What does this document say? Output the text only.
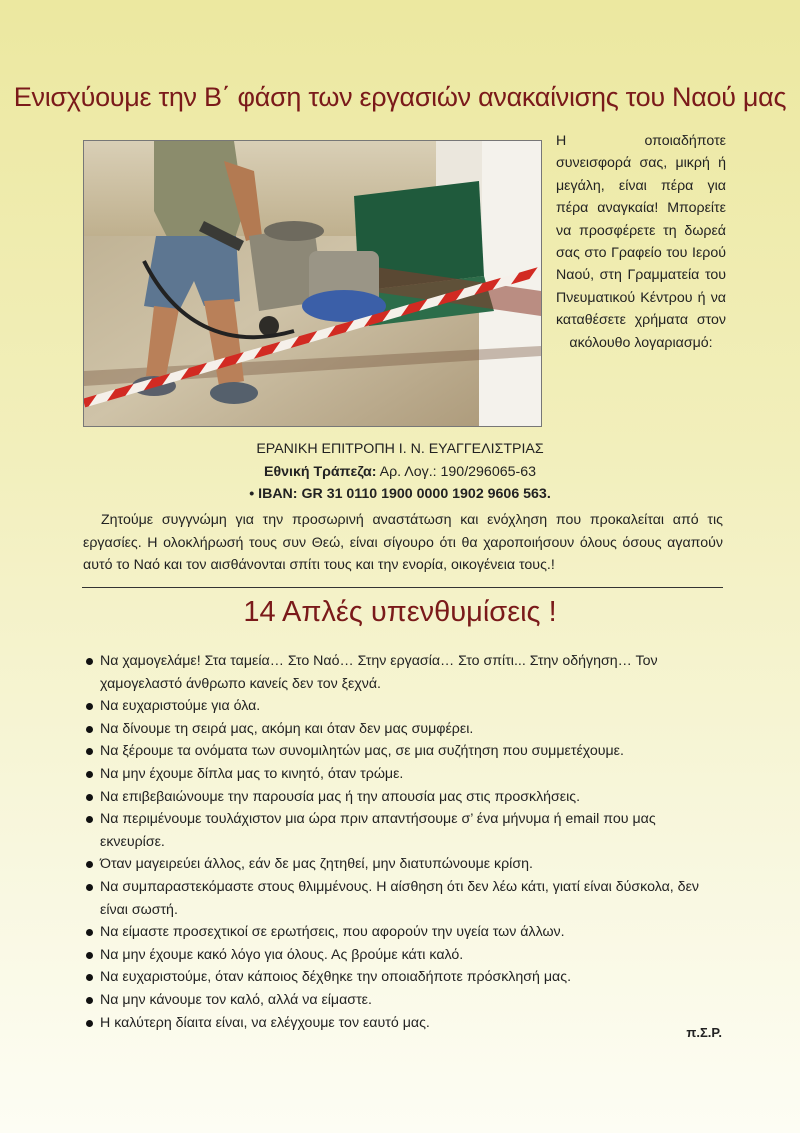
Ενισχύουμε την Β΄ φάση των εργασιών ανακαίνισης του Ναού μας
Η οποιαδήποτε συνεισφορά σας, μικρή ή μεγάλη, είναι πέρα για πέρα αναγκαία! Μπορείτε να προσφέρετε τη δωρεά σας στο Γραφείο του Ιερού Ναού, στη Γραμματεία του Πνευματικού Κέντρου ή να καταθέσετε χρήματα στον ακόλουθο λογαριασμό:
ΕΡΑΝΙΚΗ ΕΠΙΤΡΟΠΗ Ι. Ν. ΕΥΑΓΓΕΛΙΣΤΡΙΑΣ
Εθνική Τράπεζα: Αρ. Λογ.: 190/296065-63
• IBAN: GR 31 0110 1900 0000 1902 9606 563.
Ζητούμε συγγνώμη για την προσωρινή αναστάτωση και ενόχληση που προκαλείται από τις εργασίες. Η ολοκλήρωσή τους συν Θεώ, είναι σίγουρο ότι θα χαροποιήσουν όλους όσους αγαπούν αυτό το Ναό και τον αισθάνονται σπίτι τους και την ενορία, οικογένεια τους.!
14 Απλές υπενθυμίσεις !
Να χαμογελάμε! Στα ταμεία… Στο Ναό… Στην εργασία… Στο σπίτι... Στην οδήγηση… Τον χαμογελαστό άνθρωπο κανείς δεν τον ξεχνά.
Να ευχαριστούμε για όλα.
Να δίνουμε τη σειρά μας, ακόμη και όταν δεν μας συμφέρει.
Να ξέρουμε τα ονόματα των συνομιλητών μας, σε μια συζήτηση που συμμετέχουμε.
Να μην έχουμε δίπλα μας το κινητό, όταν τρώμε.
Να επιβεβαιώνουμε την παρουσία μας ή την απουσία μας στις προσκλήσεις.
Να περιμένουμε τουλάχιστον μια ώρα πριν απαντήσουμε σ’ ένα μήνυμα ή email που μας εκνευρίσε.
Όταν μαγειρεύει άλλος, εάν δε μας ζητηθεί, μην διατυπώνουμε κρίση.
Να συμπαραστεκόμαστε στους θλιμμένους. Η αίσθηση ότι δεν λέω κάτι, γιατί είναι δύσκολα, δεν είναι σωστή.
Να είμαστε προσεχτικοί σε ερωτήσεις, που αφορούν την υγεία των άλλων.
Να μην έχουμε κακό λόγο για όλους. Ας βρούμε κάτι καλό.
Να ευχαριστούμε, όταν κάποιος δέχθηκε την οποιαδήποτε πρόσκλησή μας.
Να μην κάνουμε τον καλό, αλλά να είμαστε.
Η καλύτερη δίαιτα είναι, να ελέγχουμε τον εαυτό μας.
π.Σ.Ρ.
